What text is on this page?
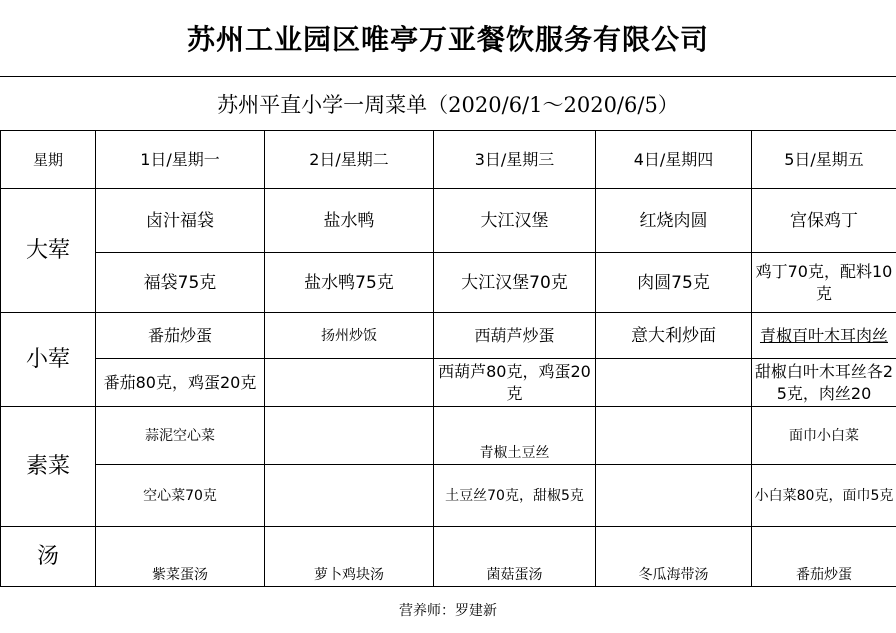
苏州工业园区唯亭万亚餐饮服务有限公司
苏州平直小学一周菜单（2020/6/1～2020/6/5）
星期	1日/星期一	2日/星期二	3日/星期三	4日/星期四	5日/星期五
大荤	卤汁福袋	盐水鸭	大江汉堡	红烧肉圆	宫保鸡丁
	福袋75克	盐水鸭75克	大江汉堡70克	肉圆75克	鸡丁70克，配料10克
小荤	番茄炒蛋	扬州炒饭	西葫芦炒蛋	意大利炒面	青椒百叶木耳肉丝
	番茄80克，鸡蛋20克		西葫芦80克，鸡蛋20克		甜椒白叶木耳丝各25克，肉丝20
素菜	蒜泥空心菜		青椒土豆丝		面巾小白菜
	空心菜70克		土豆丝70克，甜椒5克		小白菜80克，面巾5克
汤	紫菜蛋汤	萝卜鸡块汤	菌菇蛋汤	冬瓜海带汤	番茄炒蛋
营养师：罗建新
